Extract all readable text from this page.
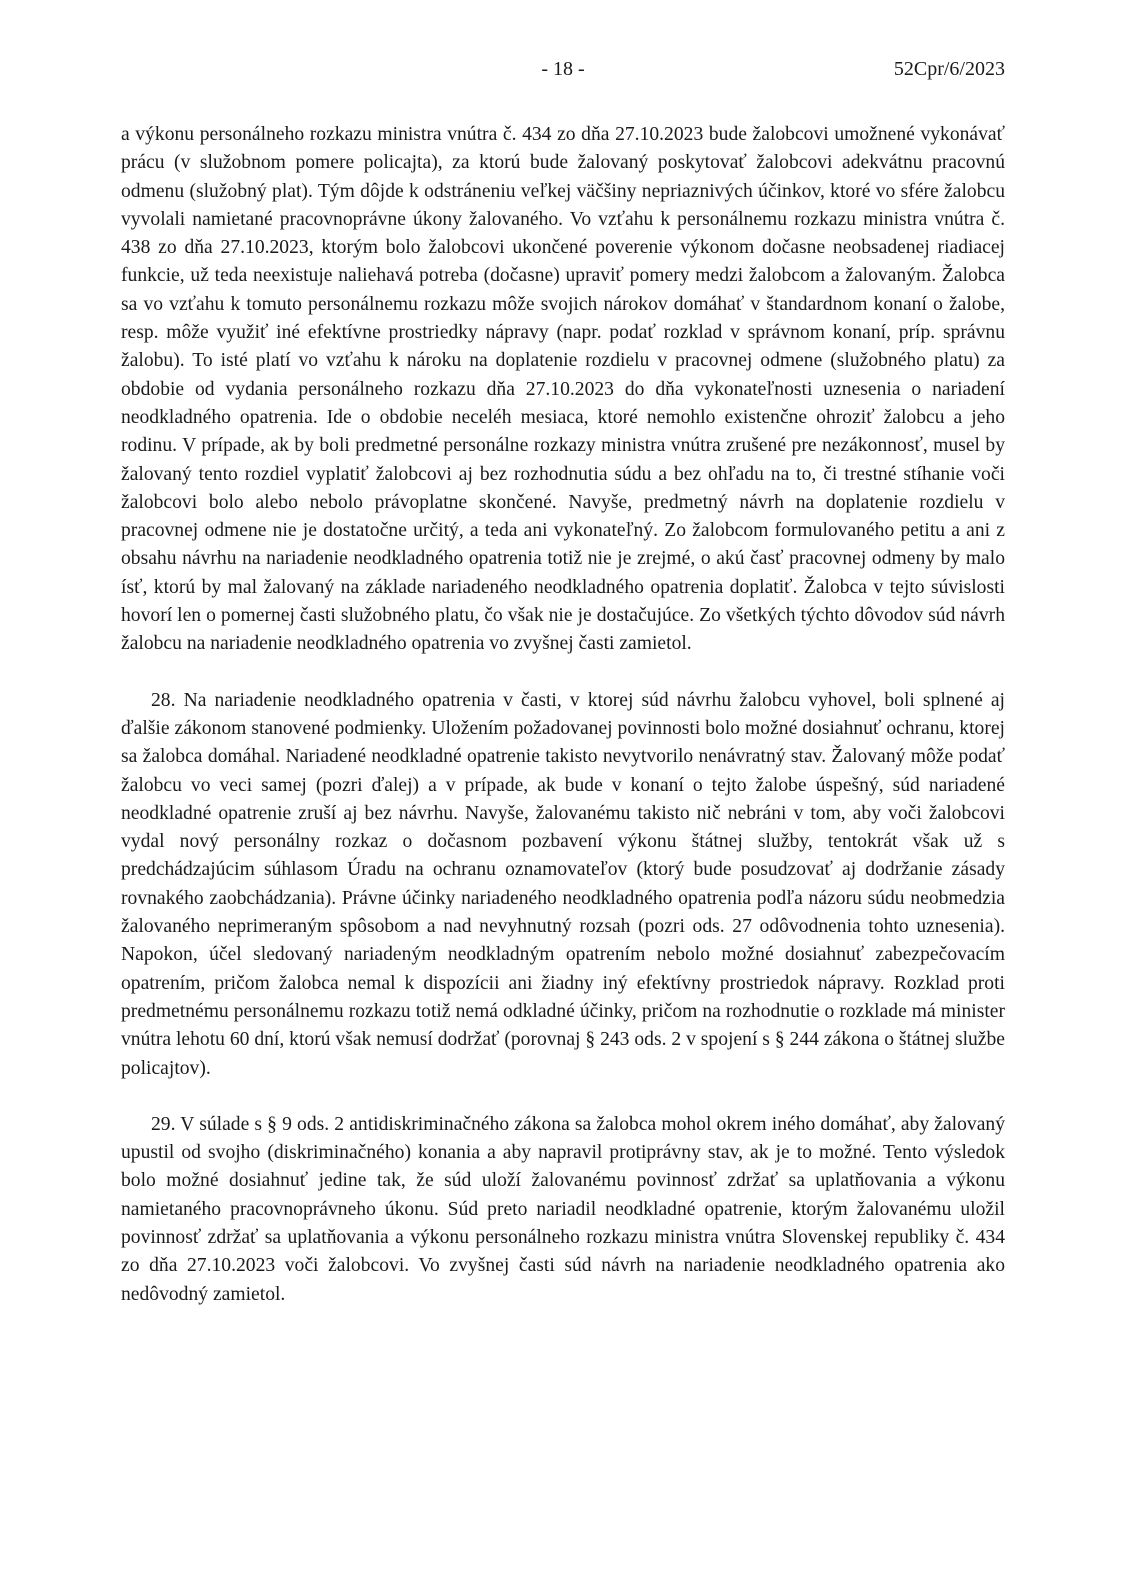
- 18 -	52Cpr/6/2023

a výkonu personálneho rozkazu ministra vnútra č. 434 zo dňa 27.10.2023 bude žalobcovi umožnené vykonávať prácu (v služobnom pomere policajta), za ktorú bude žalovaný poskytovať žalobcovi adekvátnu pracovnú odmenu (služobný plat). Tým dôjde k odstráneniu veľkej väčšiny nepriaznivých účinkov, ktoré vo sfére žalobcu vyvolali namietané pracovnoprávne úkony žalovaného. Vo vzťahu k personálnemu rozkazu ministra vnútra č. 438 zo dňa 27.10.2023, ktorým bolo žalobcovi ukončené poverenie výkonom dočasne neobsadenej riadiacej funkcie, už teda neexistuje naliehavá potreba (dočasne) upraviť pomery medzi žalobcom a žalovaným. Žalobca sa vo vzťahu k tomuto personálnemu rozkazu môže svojich nárokov domáhať v štandardnom konaní o žalobe, resp. môže využiť iné efektívne prostriedky nápravy (napr. podať rozklad v správnom konaní, príp. správnu žalobu). To isté platí vo vzťahu k nároku na doplatenie rozdielu v pracovnej odmene (služobného platu) za obdobie od vydania personálneho rozkazu dňa 27.10.2023 do dňa vykonateľnosti uznesenia o nariadení neodkladného opatrenia. Ide o obdobie neceléh mesiaca, ktoré nemohlo existenčne ohroziť žalobcu a jeho rodinu. V prípade, ak by boli predmetné personálne rozkazy ministra vnútra zrušené pre nezákonnosť, musel by žalovaný tento rozdiel vyplatiť žalobcovi aj bez rozhodnutia súdu a bez ohľadu na to, či trestné stíhanie voči žalobcovi bolo alebo nebolo právoplatne skončené. Navyše, predmetný návrh na doplatenie rozdielu v pracovnej odmene nie je dostatočne určitý, a teda ani vykonateľný. Zo žalobcom formulovaného petitu a ani z obsahu návrhu na nariadenie neodkladného opatrenia totiž nie je zrejmé, o akú časť pracovnej odmeny by malo ísť, ktorú by mal žalovaný na základe nariadeného neodkladného opatrenia doplatiť. Žalobca v tejto súvislosti hovorí len o pomernej časti služobného platu, čo však nie je dostačujúce. Zo všetkých týchto dôvodov súd návrh žalobcu na nariadenie neodkladného opatrenia vo zvyšnej časti zamietol.

28. Na nariadenie neodkladného opatrenia v časti, v ktorej súd návrhu žalobcu vyhovel, boli splnené aj ďalšie zákonom stanovené podmienky. Uložením požadovanej povinnosti bolo možné dosiahnuť ochranu, ktorej sa žalobca domáhal. Nariadené neodkladné opatrenie takisto nevytvorilo nenávratný stav. Žalovaný môže podať žalobcu vo veci samej (pozri ďalej) a v prípade, ak bude v konaní o tejto žalobe úspešný, súd nariadené neodkladné opatrenie zruší aj bez návrhu. Navyše, žalovanému takisto nič nebráni v tom, aby voči žalobcovi vydal nový personálny rozkaz o dočasnom pozbavení výkonu štátnej služby, tentokrát však už s predchádzajúcim súhlasom Úradu na ochranu oznamovateľov (ktorý bude posudzovať aj dodržanie zásady rovnakého zaobchádzania). Právne účinky nariadeného neodkladného opatrenia podľa názoru súdu neobmedzia žalovaného neprimeraným spôsobom a nad nevyhnutný rozsah (pozri ods. 27 odôvodnenia tohto uznesenia). Napokon, účel sledovaný nariadeným neodkladným opatrením nebolo možné dosiahnuť zabezpečovacím opatrením, pričom žalobca nemal k dispozícii ani žiadny iný efektívny prostriedok nápravy. Rozklad proti predmetnému personálnemu rozkazu totiž nemá odkladné účinky, pričom na rozhodnutie o rozklade má minister vnútra lehotu 60 dní, ktorú však nemusí dodržať (porovnaj § 243 ods. 2 v spojení s § 244 zákona o štátnej službe policajtov).

29. V súlade s § 9 ods. 2 antidiskriminačného zákona sa žalobca mohol okrem iného domáhať, aby žalovaný upustil od svojho (diskriminačného) konania a aby napravil protiprávny stav, ak je to možné. Tento výsledok bolo možné dosiahnuť jedine tak, že súd uloží žalovanému povinnosť zdržať sa uplatňovania a výkonu namietaného pracovnoprávneho úkonu. Súd preto nariadil neodkladné opatrenie, ktorým žalovanému uložil povinnosť zdržať sa uplatňovania a výkonu personálneho rozkazu ministra vnútra Slovenskej republiky č. 434 zo dňa 27.10.2023 voči žalobcovi. Vo zvyšnej časti súd návrh na nariadenie neodkladného opatrenia ako nedôvodný zamietol.
